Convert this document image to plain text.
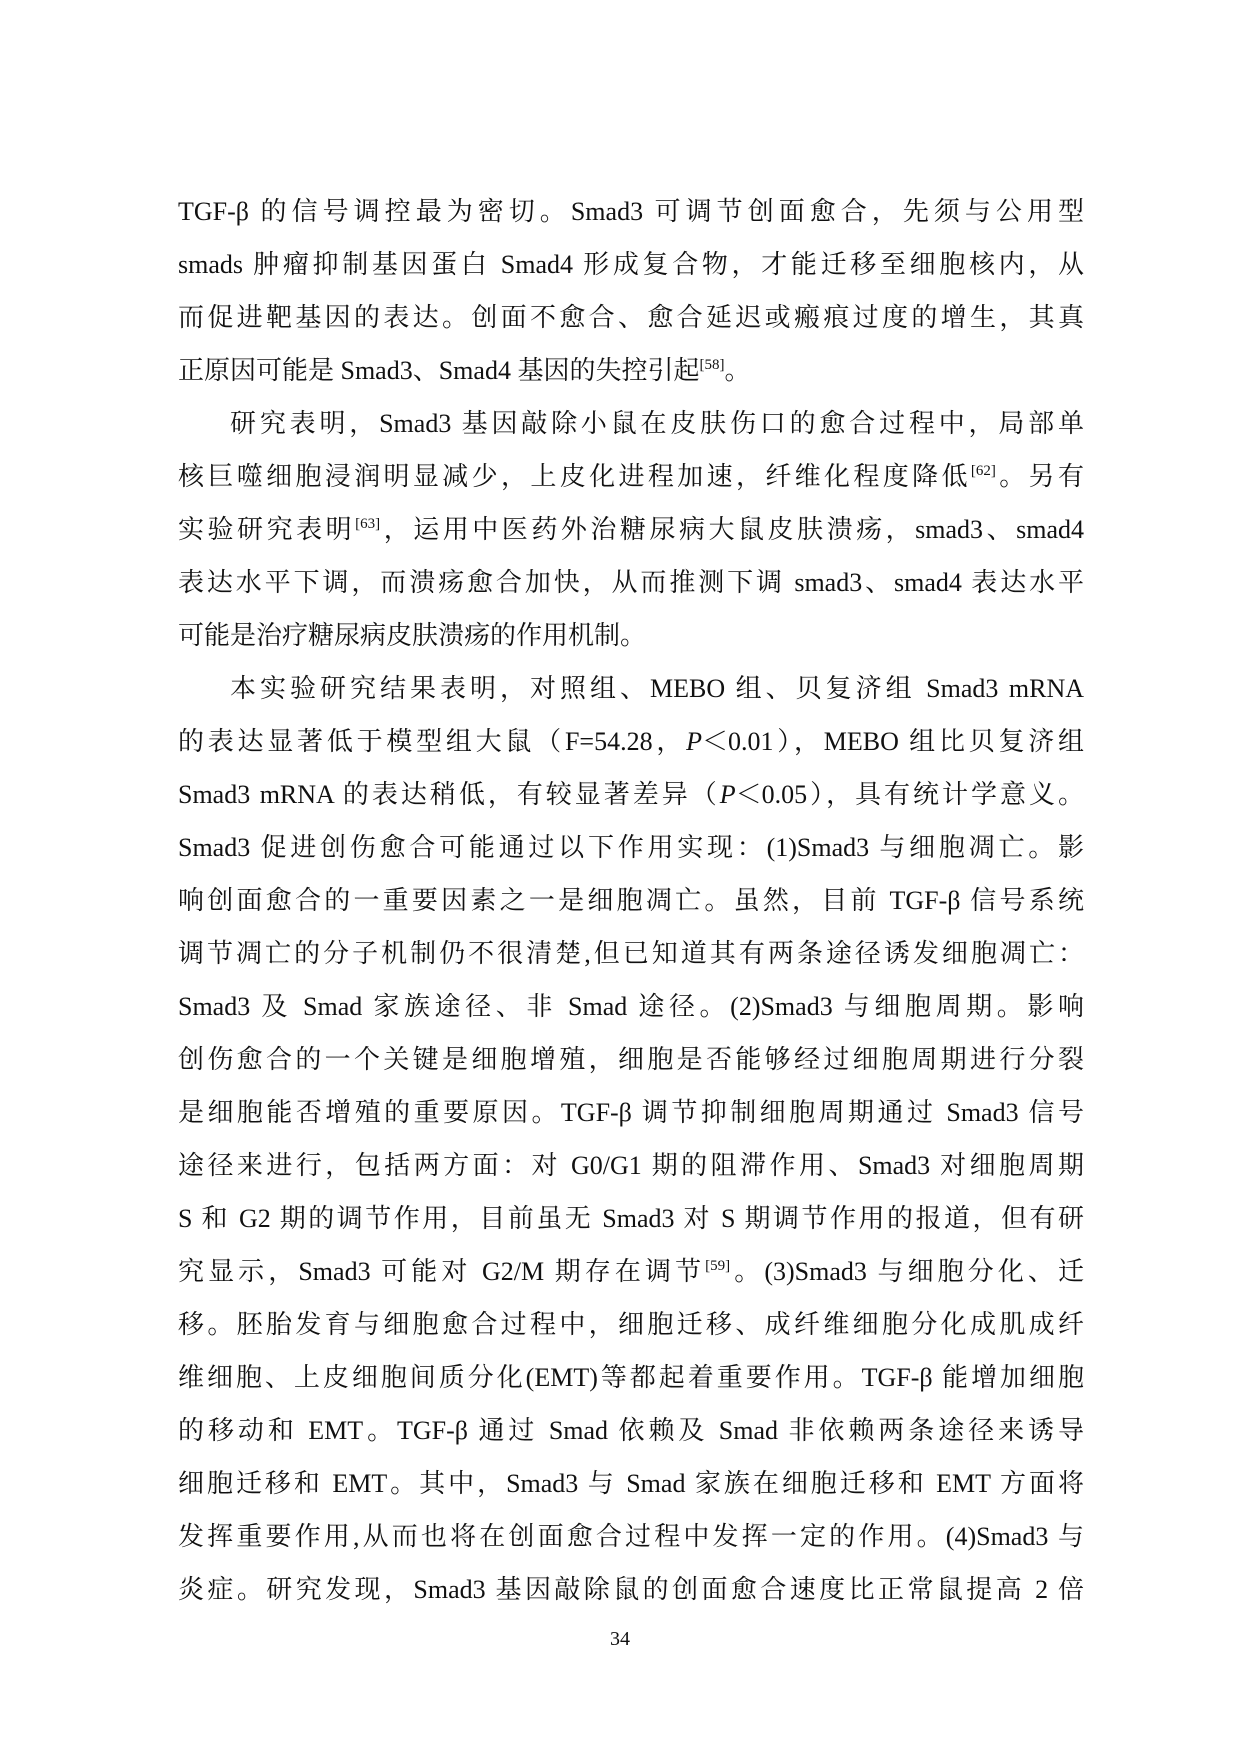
TGF-β 的信号调控最为密切。Smad3 可调节创面愈合，先须与公用型
smads 肿瘤抑制基因蛋白 Smad4 形成复合物，才能迁移至细胞核内，从
而促进靶基因的表达。创面不愈合、愈合延迟或瘢痕过度的增生，其真
正原因可能是 Smad3、Smad4 基因的失控引起[58]。
研究表明，Smad3 基因敲除小鼠在皮肤伤口的愈合过程中，局部单
核巨噬细胞浸润明显减少，上皮化进程加速，纤维化程度降低[62]。另有
实验研究表明[63]，运用中医药外治糖尿病大鼠皮肤溃疡，smad3、smad4
表达水平下调，而溃疡愈合加快，从而推测下调 smad3、smad4 表达水平
可能是治疗糖尿病皮肤溃疡的作用机制。
本实验研究结果表明，对照组、MEBO 组、贝复济组 Smad3 mRNA
的表达显著低于模型组大鼠（F=54.28，P＜0.01），MEBO 组比贝复济组
Smad3 mRNA 的表达稍低，有较显著差异（P＜0.05），具有统计学意义。
Smad3 促进创伤愈合可能通过以下作用实现：(1)Smad3 与细胞凋亡。影
响创面愈合的一重要因素之一是细胞凋亡。虽然，目前 TGF-β 信号系统
调节凋亡的分子机制仍不很清楚,但已知道其有两条途径诱发细胞凋亡：
Smad3 及 Smad 家族途径、非 Smad 途径。(2)Smad3 与细胞周期。影响
创伤愈合的一个关键是细胞增殖，细胞是否能够经过细胞周期进行分裂
是细胞能否增殖的重要原因。TGF-β 调节抑制细胞周期通过 Smad3 信号
途径来进行，包括两方面：对 G0/G1 期的阻滞作用、Smad3 对细胞周期
S 和 G2 期的调节作用，目前虽无 Smad3 对 S 期调节作用的报道，但有研
究显示，Smad3 可能对 G2/M 期存在调节[59]。(3)Smad3 与细胞分化、迁
移。胚胎发育与细胞愈合过程中，细胞迁移、成纤维细胞分化成肌成纤
维细胞、上皮细胞间质分化(EMT)等都起着重要作用。TGF-β 能增加细胞
的移动和 EMT。TGF-β 通过 Smad 依赖及 Smad 非依赖两条途径来诱导
细胞迁移和 EMT。其中，Smad3 与 Smad 家族在细胞迁移和 EMT 方面将
发挥重要作用,从而也将在创面愈合过程中发挥一定的作用。(4)Smad3 与
炎症。研究发现，Smad3 基因敲除鼠的创面愈合速度比正常鼠提高 2 倍
34
